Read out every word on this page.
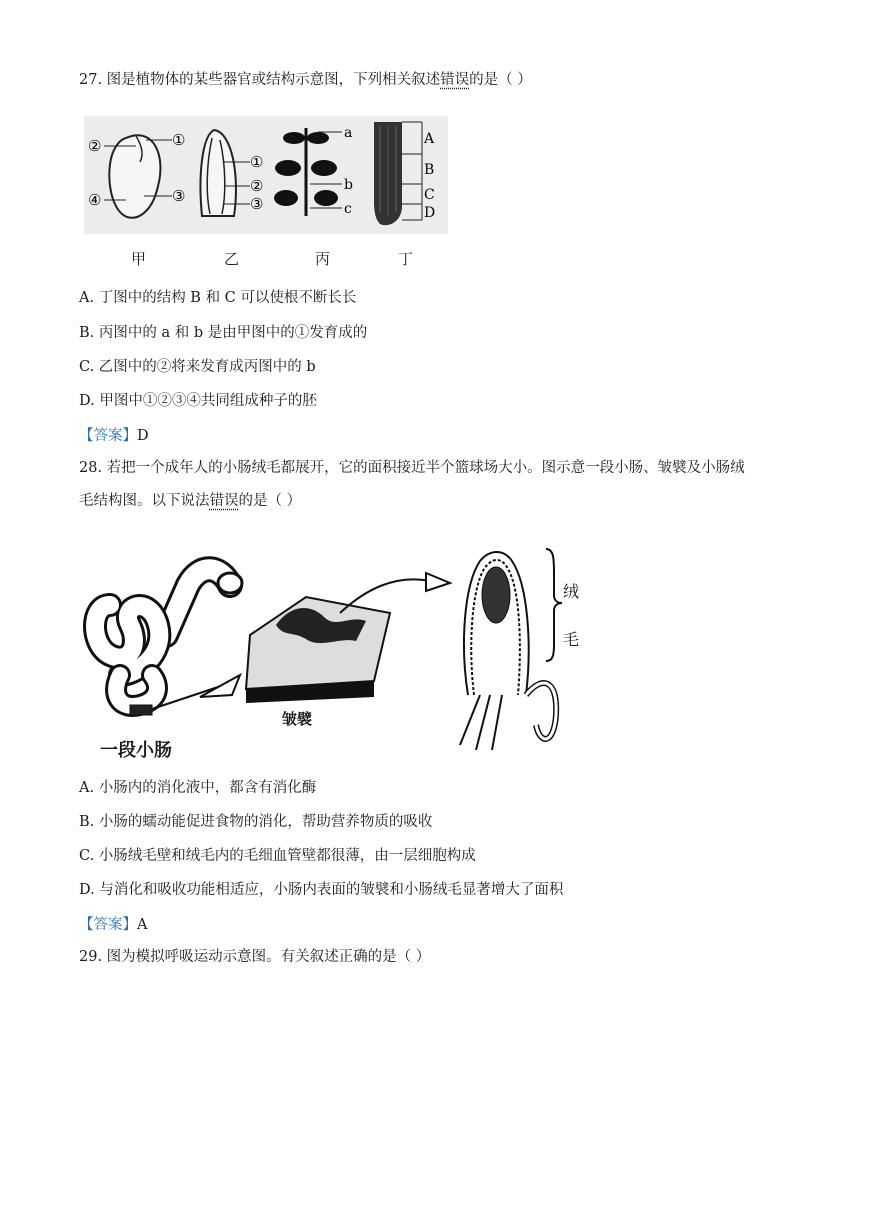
27. 图是植物体的某些器官或结构示意图，下列相关叙述错误的是（ ）
②	①
④	③
①
②
③
a
b
c
A
B
C
D
甲	乙	丙	丁
A. 丁图中的结构 B 和 C 可以使根不断长长
B. 丙图中的 a 和 b 是由甲图中的①发育成的
C. 乙图中的②将来发育成丙图中的 b
D. 甲图中①②③④共同组成种子的胚
【答案】D
28. 若把一个成年人的小肠绒毛都展开，它的面积接近半个篮球场大小。图示意一段小肠、皱襞及小肠绒
毛结构图。以下说法错误的是（ ）
皱襞
一段小肠
绒
毛
A. 小肠内的消化液中，都含有消化酶
B. 小肠的蠕动能促进食物的消化，帮助营养物质的吸收
C. 小肠绒毛壁和绒毛内的毛细血管壁都很薄，由一层细胞构成
D. 与消化和吸收功能相适应，小肠内表面的皱襞和小肠绒毛显著增大了面积
【答案】A
29. 图为模拟呼吸运动示意图。有关叙述正确的是（ ）
